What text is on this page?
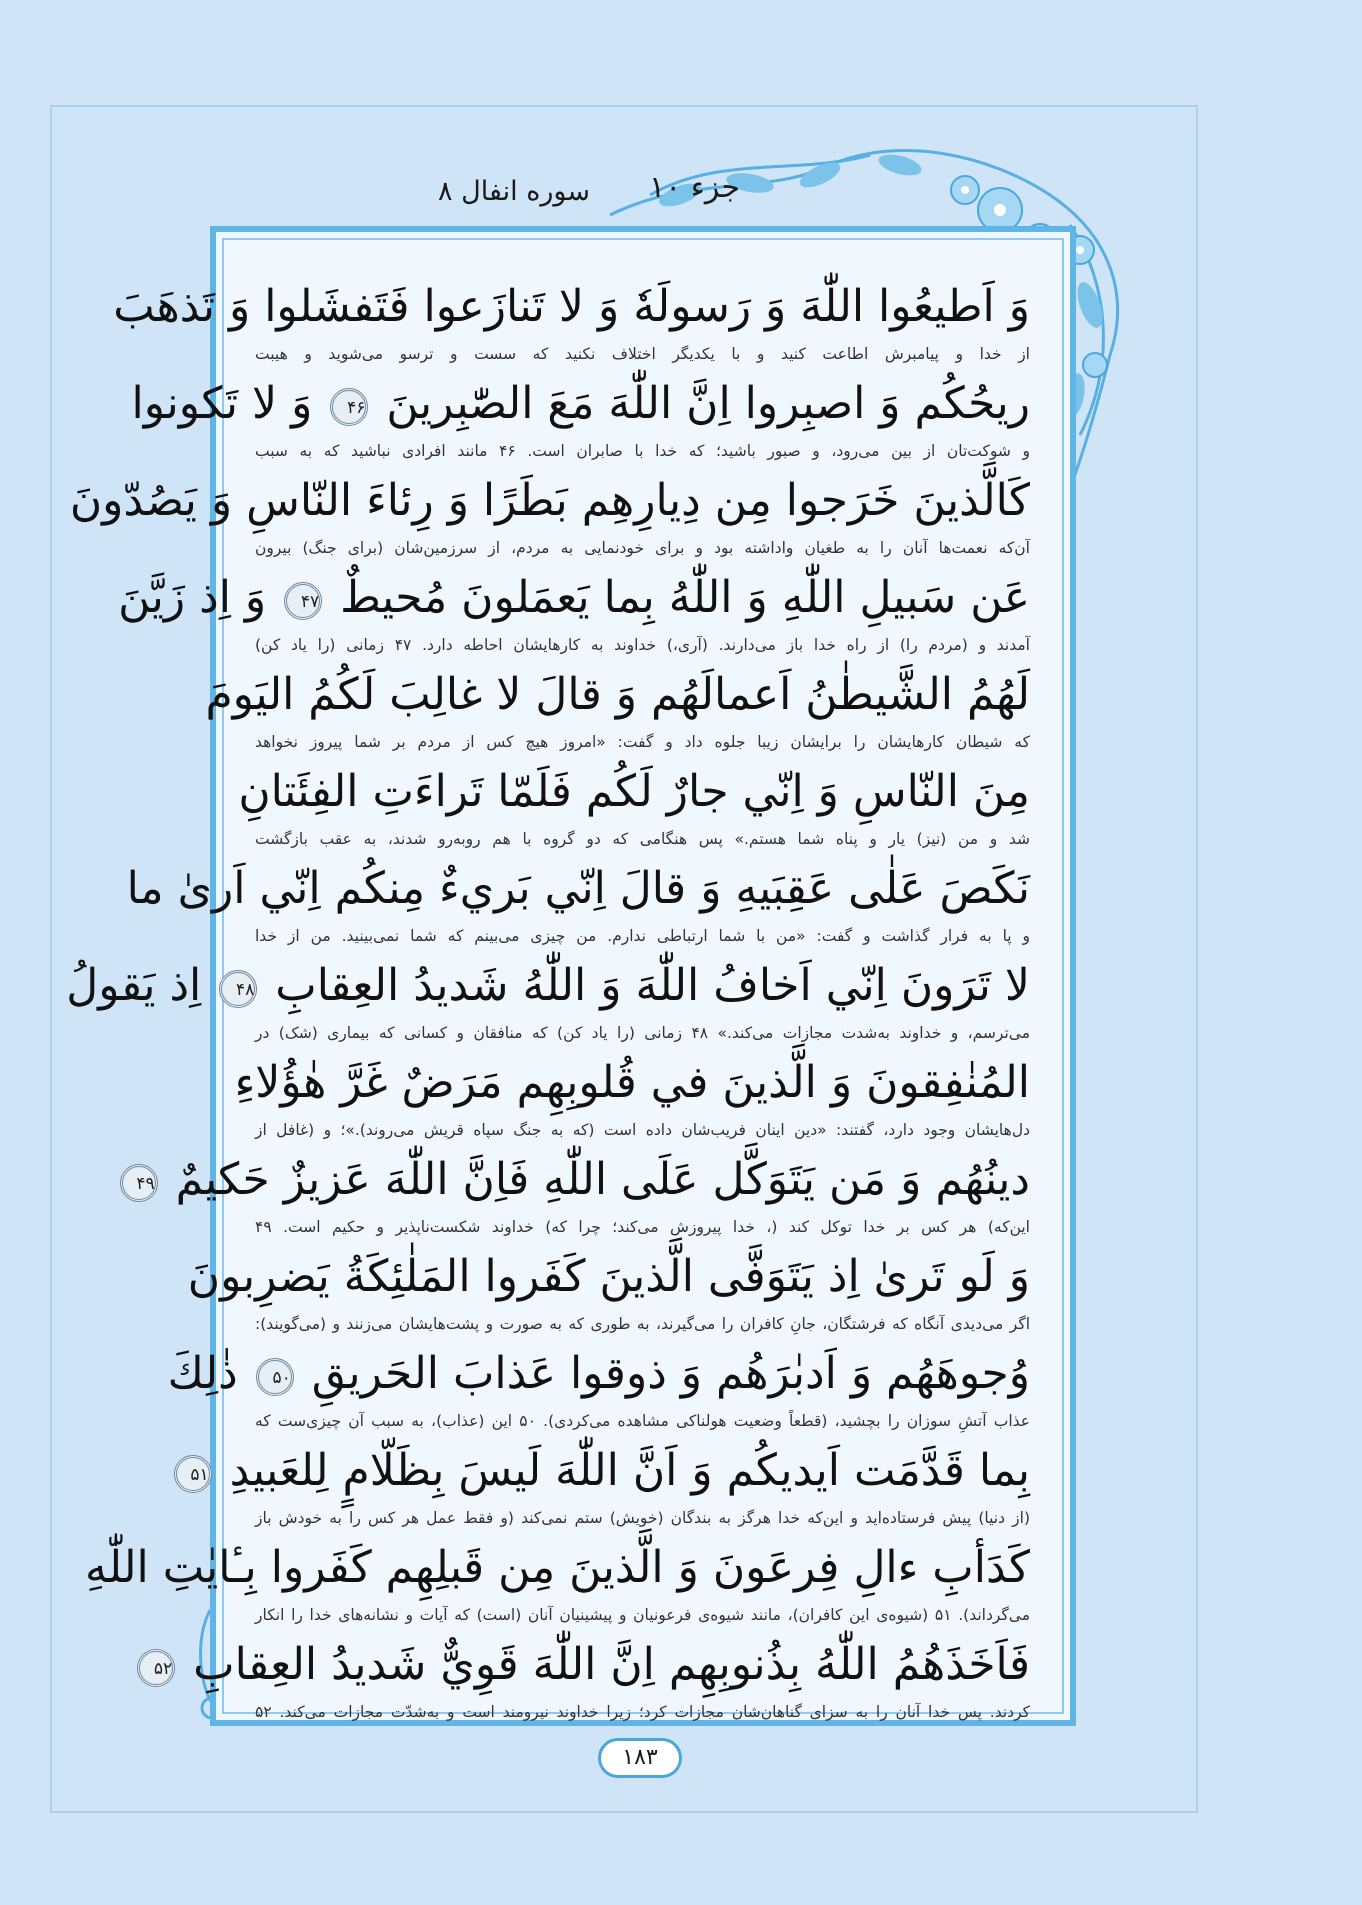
جزء ۱۰
سوره انفال ۸
وَ اَطيعُوا اللّٰهَ وَ رَسولَهٗ وَ لا تَنازَعوا فَتَفشَلوا وَ تَذهَبَ
از خدا و پیامبرش اطاعت کنید و با یکدیگر اختلاف نکنید که سست و ترسو می‌شوید و هیبت
ريحُكُم وَ اصبِروا اِنَّ اللّٰهَ مَعَ الصّٰبِرينَ ۴۶ وَ لا تَكونوا
و شوکت‌تان از بین می‌رود، و صبور باشید؛ که خدا با صابران است. ۴۶ مانند افرادی نباشید که به سبب
كَالَّذينَ خَرَجوا مِن دِيارِهِم بَطَرًا وَ رِئاءَ النّاسِ وَ يَصُدّونَ
آن‌که نعمت‌ها آنان را به طغیان واداشته بود و برای خودنمایی به مردم، از سرزمین‌شان (برای جنگ) بیرون
عَن سَبيلِ اللّٰهِ وَ اللّٰهُ بِما يَعمَلونَ مُحيطٌ ۴۷ وَ اِذ زَيَّنَ
آمدند و (مردم را) از راه خدا باز می‌دارند. (آری،) خداوند به کارهایشان احاطه دارد. ۴۷ زمانی (را یاد کن)
لَهُمُ الشَّيطٰنُ اَعمالَهُم وَ قالَ لا غالِبَ لَكُمُ اليَومَ
که شیطان کارهایشان را برایشان زیبا جلوه داد و گفت: «امروز هیچ کس از مردم بر شما پیروز نخواهد
مِنَ النّاسِ وَ اِنّي جارٌ لَكُم فَلَمّا تَراءَتِ الفِئَتانِ
شد و من (نیز) یار و پناه شما هستم.» پس هنگامی که دو گروه با هم روبه‌رو شدند، به عقب بازگشت
نَكَصَ عَلٰى عَقِبَيهِ وَ قالَ اِنّي بَريءٌ مِنكُم اِنّي اَرىٰ ما
و پا به فرار گذاشت و گفت: «من با شما ارتباطی ندارم. من چیزی می‌بینم که شما نمی‌بینید. من از خدا
لا تَرَونَ اِنّي اَخافُ اللّٰهَ وَ اللّٰهُ شَديدُ العِقابِ ۴۸ اِذ يَقولُ
می‌ترسم، و خداوند به‌شدت مجازات می‌کند.» ۴۸ زمانی (را یاد کن) که منافقان و کسانی که بیماری (شک) در
المُنٰفِقونَ وَ الَّذينَ في قُلوبِهِم مَرَضٌ غَرَّ هٰؤُلاءِ
دل‌هایشان وجود دارد، گفتند: «دین اینان فریب‌شان داده است (که به جنگ سپاه قریش می‌روند).»؛ و (غافل از
دينُهُم وَ مَن يَتَوَكَّل عَلَى اللّٰهِ فَاِنَّ اللّٰهَ عَزيزٌ حَكيمٌ ۴۹
این‌که) هر کس بر خدا توکل کند (، خدا پیروزش می‌کند؛ چرا که) خداوند شکست‌ناپذیر و حکیم است. ۴۹
وَ لَو تَرىٰ اِذ يَتَوَفَّى الَّذينَ كَفَروا المَلٰئِكَةُ يَضرِبونَ
اگر می‌دیدی آنگاه که فرشتگان، جانِ کافران را می‌گیرند، به طوری که به صورت و پشت‌هایشان می‌زنند و (می‌گویند):
وُجوهَهُم وَ اَدبٰرَهُم وَ ذوقوا عَذابَ الحَريقِ ۵۰ ذٰلِكَ
عذاب آتشِ سوزان را بچشید، (قطعاً وضعیت هولناکی مشاهده می‌کردی). ۵۰ این (عذاب)، به سبب آن چیزی‌ست که
بِما قَدَّمَت اَيديكُم وَ اَنَّ اللّٰهَ لَيسَ بِظَلّامٍ لِلعَبيدِ ۵۱
(از دنیا) پیش فرستاده‌اید و این‌که خدا هرگز به بندگان (خویش) ستم نمی‌کند (و فقط عمل هر کس را به خودش باز
كَدَأبِ ءالِ فِرعَونَ وَ الَّذينَ مِن قَبلِهِم كَفَروا بِـٔايٰتِ اللّٰهِ
می‌گرداند). ۵۱ (شیوه‌ی این کافران)، مانند شیوه‌ی فرعونیان و پیشینیان آنان (است) که آیات و نشانه‌های خدا را انکار
فَاَخَذَهُمُ اللّٰهُ بِذُنوبِهِم اِنَّ اللّٰهَ قَوِيٌّ شَديدُ العِقابِ ۵۲
کردند. پس خدا آنان را به سزای گناهان‌شان مجازات کرد؛ زیرا خداوند نیرومند است و به‌شدّت مجازات می‌کند. ۵۲
۱۸۳
